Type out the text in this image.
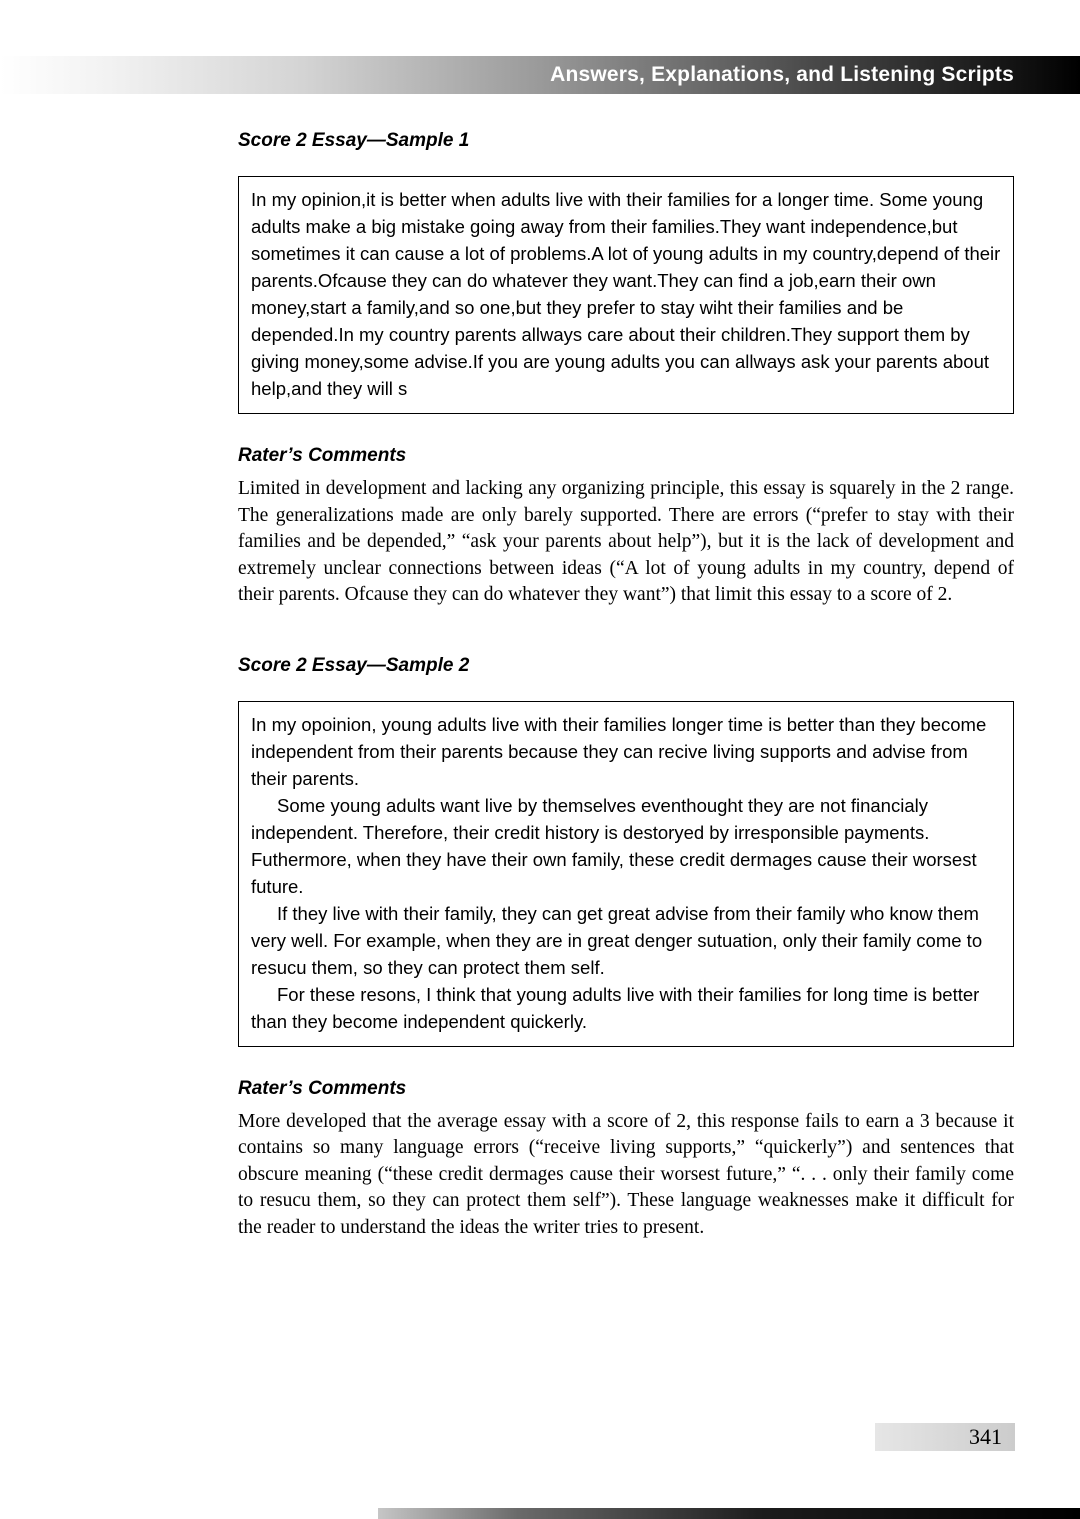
Answers, Explanations, and Listening Scripts
Score 2 Essay—Sample 1

In my opinion,it is better when adults live with their families for a longer time. Some young adults make a big mistake going away from their families.They want independence,but sometimes it can cause a lot of problems.A lot of young adults in my country,depend of their parents.Ofcause they can do whatever they want.They can find a job,earn their own money,start a family,and so one,but they prefer to stay wiht their families and be depended.In my country parents allways care about their children.They support them by giving money,some advise.If you are young adults you can allways ask your parents about help,and they will s

Rater’s Comments

Limited in development and lacking any organizing principle, this essay is squarely in the 2 range. The generalizations made are only barely supported. There are errors (“prefer to stay with their families and be depended,” “ask your parents about help”), but it is the lack of development and extremely unclear connections between ideas (“A lot of young adults in my country, depend of their parents. Ofcause they can do whatever they want”) that limit this essay to a score of 2.

Score 2 Essay—Sample 2

In my opoinion, young adults live with their families longer time is better than they become independent from their parents because they can recive living supports and advise from their parents.

Some young adults want live by themselves eventhought they are not financialy independent. Therefore, their credit history is destoryed by irresponsible payments. Futhermore, when they have their own family, these credit dermages cause their worsest future.

If they live with their family, they can get great advise from their family who know them very well. For example, when they are in great denger sutuation, only their family come to resucu them, so they can protect them self.

For these resons, I think that young adults live with their families for long time is better than they become independent quickerly.

Rater’s Comments

More developed that the average essay with a score of 2, this response fails to earn a 3 because it contains so many language errors (“receive living supports,” “quickerly”) and sentences that obscure meaning (“these credit dermages cause their worsest future,” “. . . only their family come to resucu them, so they can protect them self”). These language weaknesses make it difficult for the reader to understand the ideas the writer tries to present.

341
